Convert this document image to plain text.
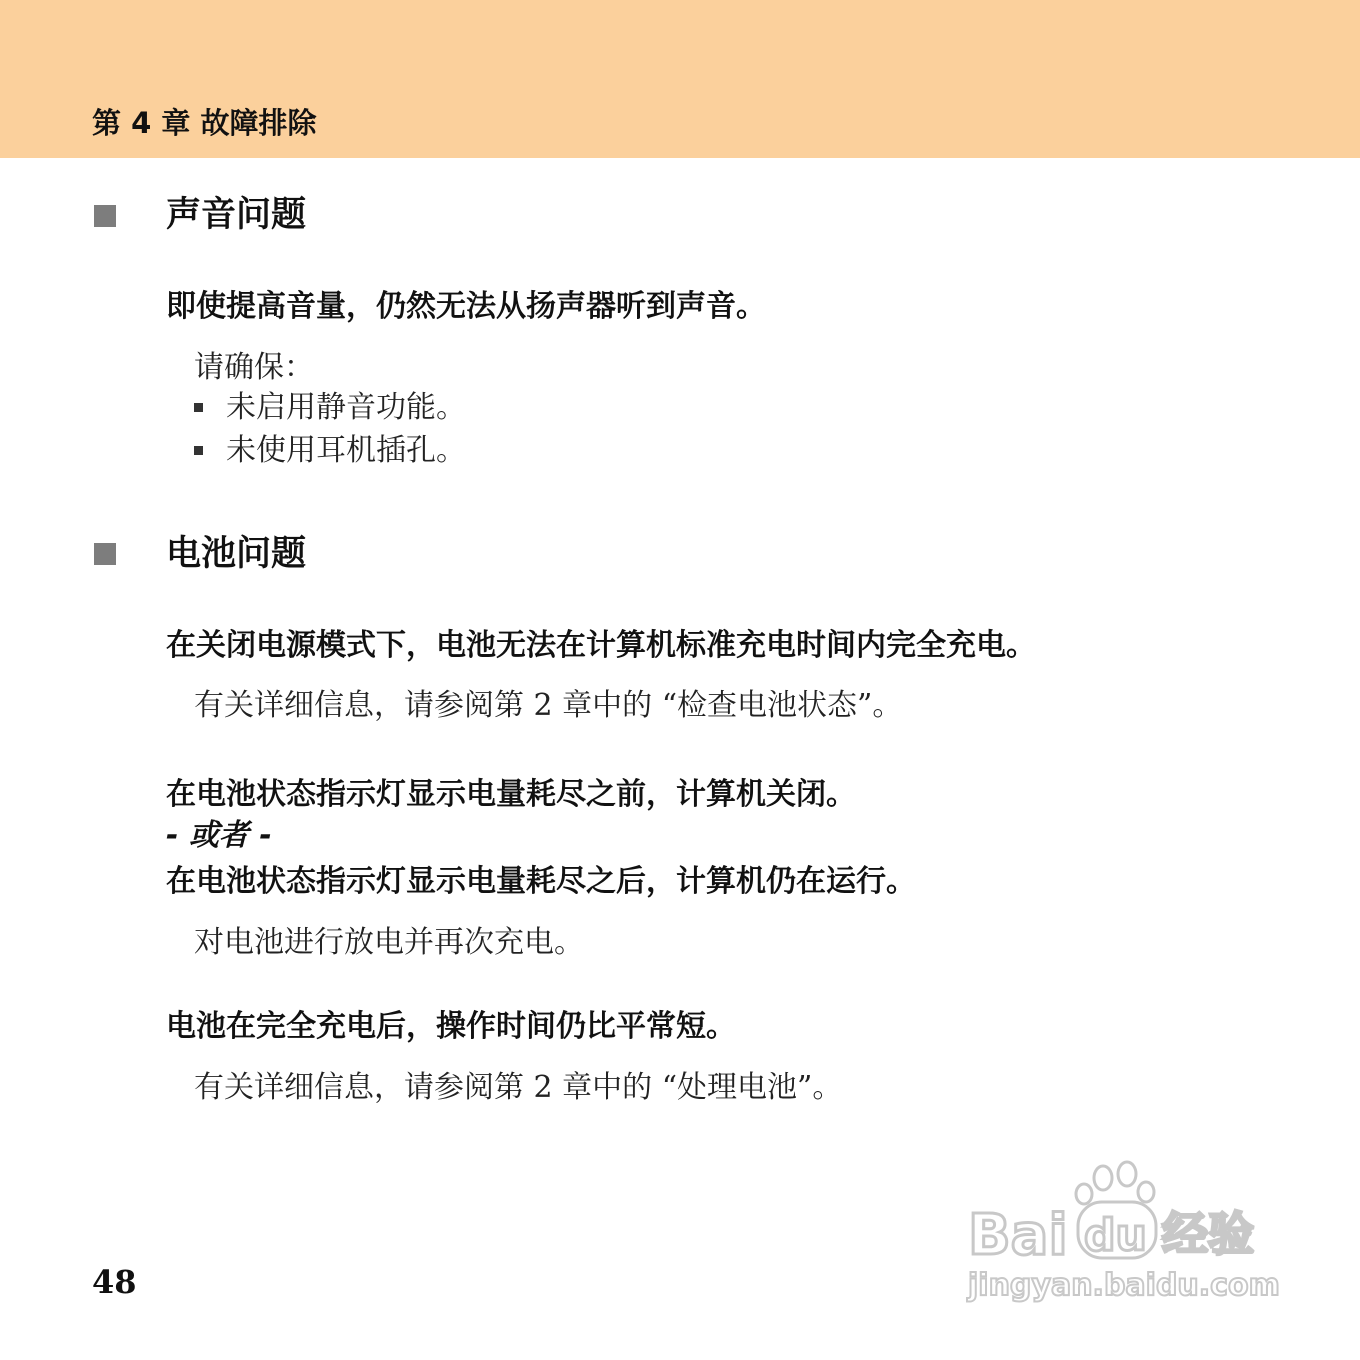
第 4 章 故障排除
声音问题
即使提高音量，仍然无法从扬声器听到声音。
请确保：
未启用静音功能。
未使用耳机插孔。
电池问题
在关闭电源模式下，电池无法在计算机标准充电时间内完全充电。
有关详细信息，请参阅第 2 章中的 “检查电池状态”。
在电池状态指示灯显示电量耗尽之前，计算机关闭。
- 或者 -
在电池状态指示灯显示电量耗尽之后，计算机仍在运行。
对电池进行放电并再次充电。
电池在完全充电后，操作时间仍比平常短。
有关详细信息，请参阅第 2 章中的 “处理电池”。
48
Bai du 经验
jingyan.baidu.com
